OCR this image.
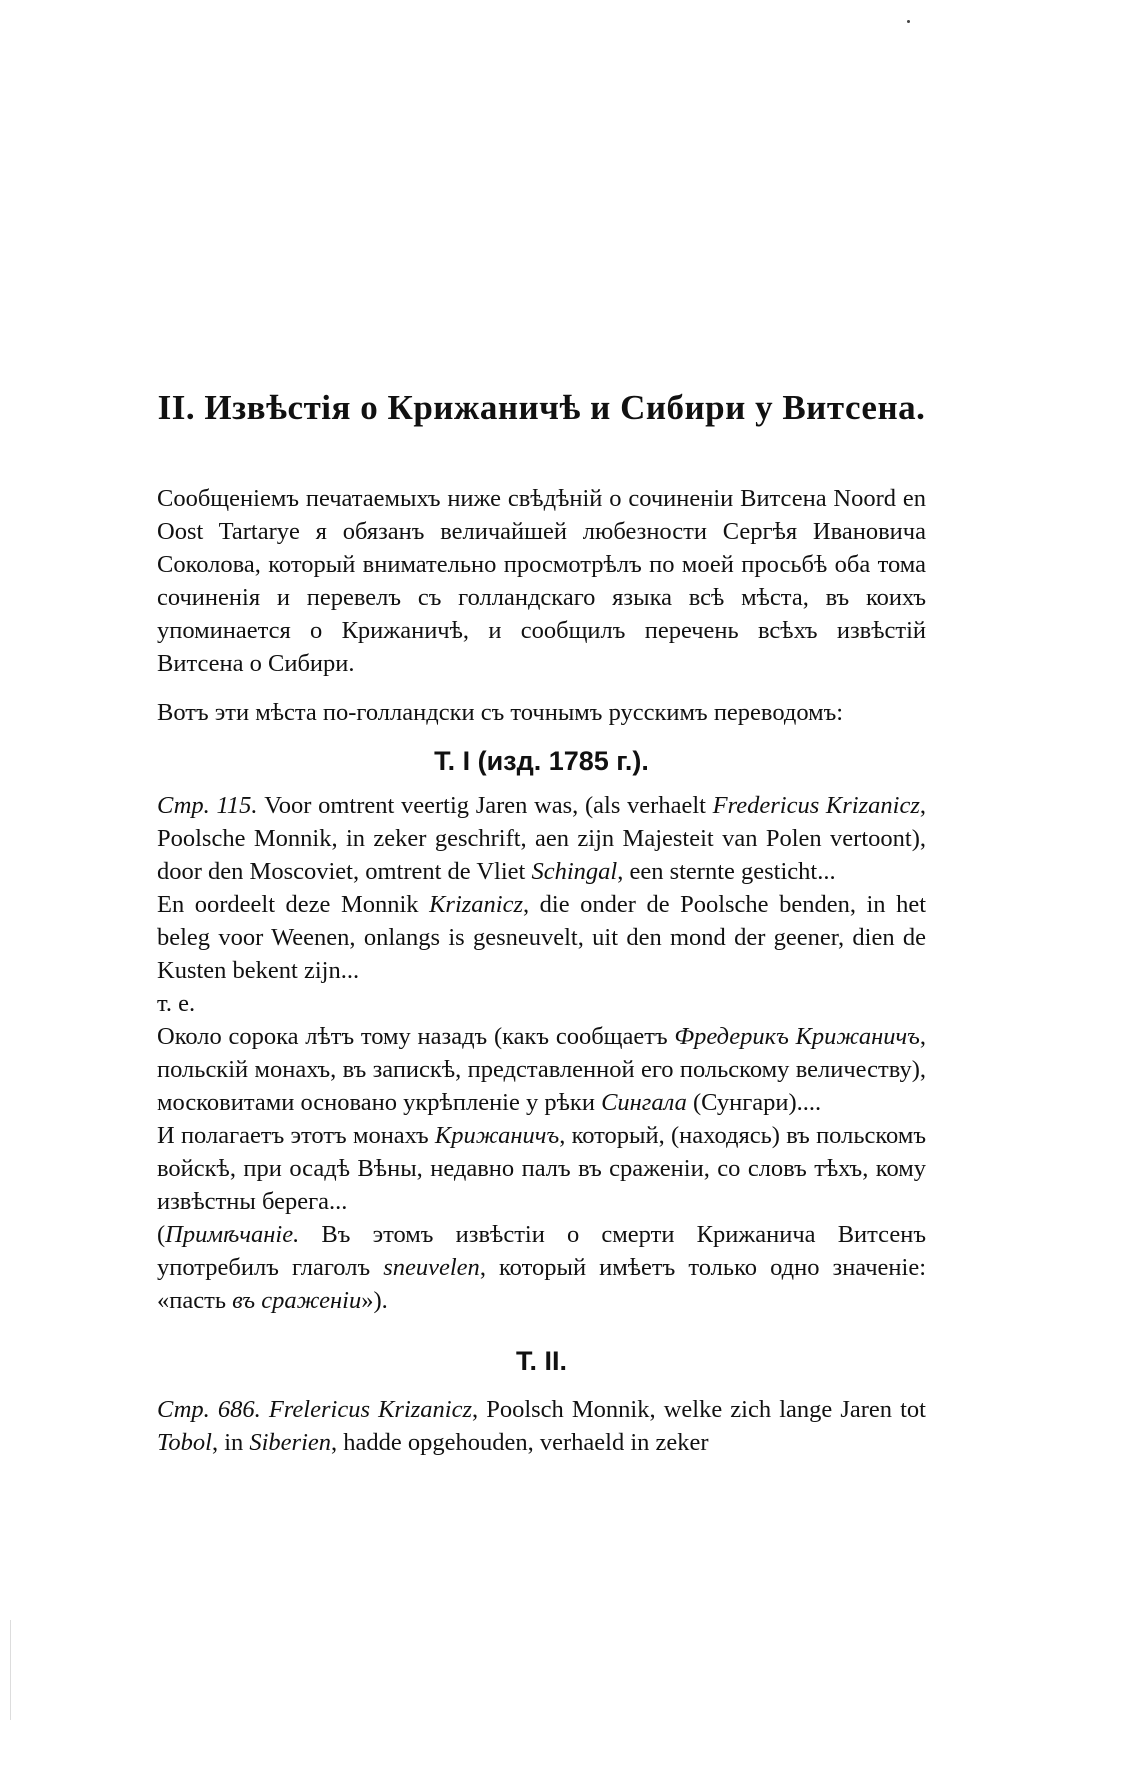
II. Извѣстія о Крижаничѣ и Сибири у Витсена.

Сообщеніемъ печатаемыхъ ниже свѣдѣній о сочиненіи Витсена Noord en Oost Tartarye я обязанъ величайшей любезности Сергѣя Ивановича Соколова, который внимательно просмотрѣлъ по моей просьбѣ оба тома сочиненія и перевелъ съ голландскаго языка всѣ мѣста, въ коихъ упоминается о Крижаничѣ, и сообщилъ перечень всѣхъ извѣстій Витсена о Сибири.

Вотъ эти мѣста по-голландски съ точнымъ русскимъ переводомъ:

Т. I (изд. 1785 г.).

Стр. 115. Voor omtrent veertig Jaren was, (als verhaelt Fredericus Krizanicz, Poolsche Monnik, in zeker geschrift, aen zijn Majesteit van Polen vertoont), door den Moscoviet, omtrent de Vliet Schingal, een sternte gesticht...

En oordeelt deze Monnik Krizanicz, die onder de Poolsche benden, in het beleg voor Weenen, onlangs is gesneuvelt, uit den mond der geener, dien de Kusten bekent zijn...

т. е.

Около сорока лѣтъ тому назадъ (какъ сообщаетъ Фредерикъ Крижаничъ, польскій монахъ, въ запискѣ, представленной его польскому величеству), московитами основано укрѣпленіе у рѣки Сингала (Сунгари)....

И полагаетъ этотъ монахъ Крижаничъ, который, (находясь) въ польскомъ войскѣ, при осадѣ Вѣны, недавно палъ въ сраженіи, со словъ тѣхъ, кому извѣстны берега...

(Примѣчаніе. Въ этомъ извѣстіи о смерти Крижанича Витсенъ употребилъ глаголъ sneuvelen, который имѣетъ только одно значеніе: «пасть въ сраженіи»).

Т. II.

Стр. 686. Frelericus Krizanicz, Poolsch Monnik, welke zich lange Jaren tot Tobol, in Siberien, hadde opgehouden, verhaeld in zeker
